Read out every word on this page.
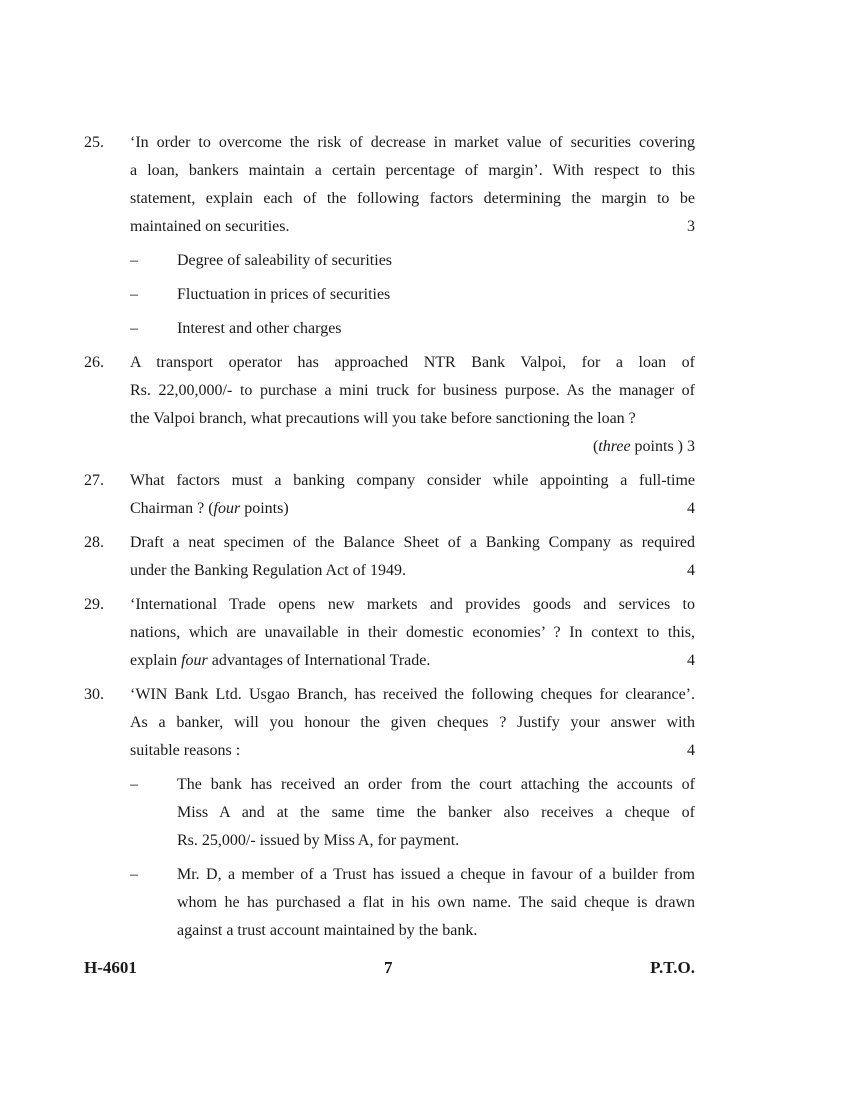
25. ‘In order to overcome the risk of decrease in market value of securities covering
a loan, bankers maintain a certain percentage of margin’. With respect to this
statement, explain each of the following factors determining the margin to be
maintained on securities.	3
– Degree of saleability of securities
– Fluctuation in prices of securities
– Interest and other charges
26. A transport operator has approached NTR Bank Valpoi, for a loan of
Rs. 22,00,000/- to purchase a mini truck for business purpose. As the manager of
the Valpoi branch, what precautions will you take before sanctioning the loan ?
(three points ) 3
27. What factors must a banking company consider while appointing a full-time
Chairman ? (four points)	4
28. Draft a neat specimen of the Balance Sheet of a Banking Company as required
under the Banking Regulation Act of 1949.	4
29. ‘International Trade opens new markets and provides goods and services to
nations, which are unavailable in their domestic economies’ ? In context to this,
explain four advantages of International Trade.	4
30. ‘WIN Bank Ltd. Usgao Branch, has received the following cheques for clearance’.
As a banker, will you honour the given cheques ? Justify your answer with
suitable reasons :	4
– The bank has received an order from the court attaching the accounts of
Miss A and at the same time the banker also receives a cheque of
Rs. 25,000/- issued by Miss A, for payment.
– Mr. D, a member of a Trust has issued a cheque in favour of a builder from
whom he has purchased a flat in his own name. The said cheque is drawn
against a trust account maintained by the bank.
H-4601	7	P.T.O.
